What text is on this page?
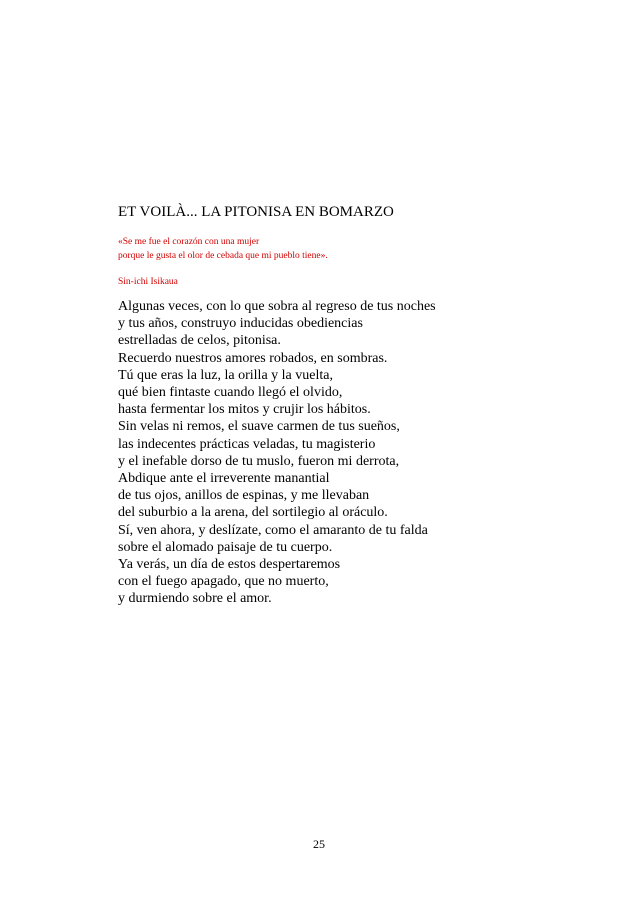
ET VOILÀ... LA PITONISA EN BOMARZO
«Se me fue el corazón con una mujer
porque le gusta el olor de cebada que mi pueblo tiene».
Sin-ichi Isikaua
Algunas veces, con lo que sobra al regreso de tus noches
y tus años, construyo inducidas obediencias
estrelladas de celos, pitonisa.
Recuerdo nuestros amores robados, en sombras.
Tú que eras la luz, la orilla y la vuelta,
qué bien fintaste cuando llegó el olvido,
hasta fermentar los mitos y crujir los hábitos.
Sin velas ni remos, el suave carmen de tus sueños,
las indecentes prácticas veladas, tu magisterio
y el inefable dorso de tu muslo, fueron mi derrota,
Abdique ante el irreverente manantial
de tus ojos, anillos de espinas, y me llevaban
del suburbio a la arena, del sortilegio al oráculo.
Sí, ven ahora, y deslízate, como el amaranto de tu falda
sobre el alomado paisaje de tu cuerpo.
Ya verás, un día de estos despertaremos
con el fuego apagado, que no muerto,
y durmiendo sobre el amor.
25
